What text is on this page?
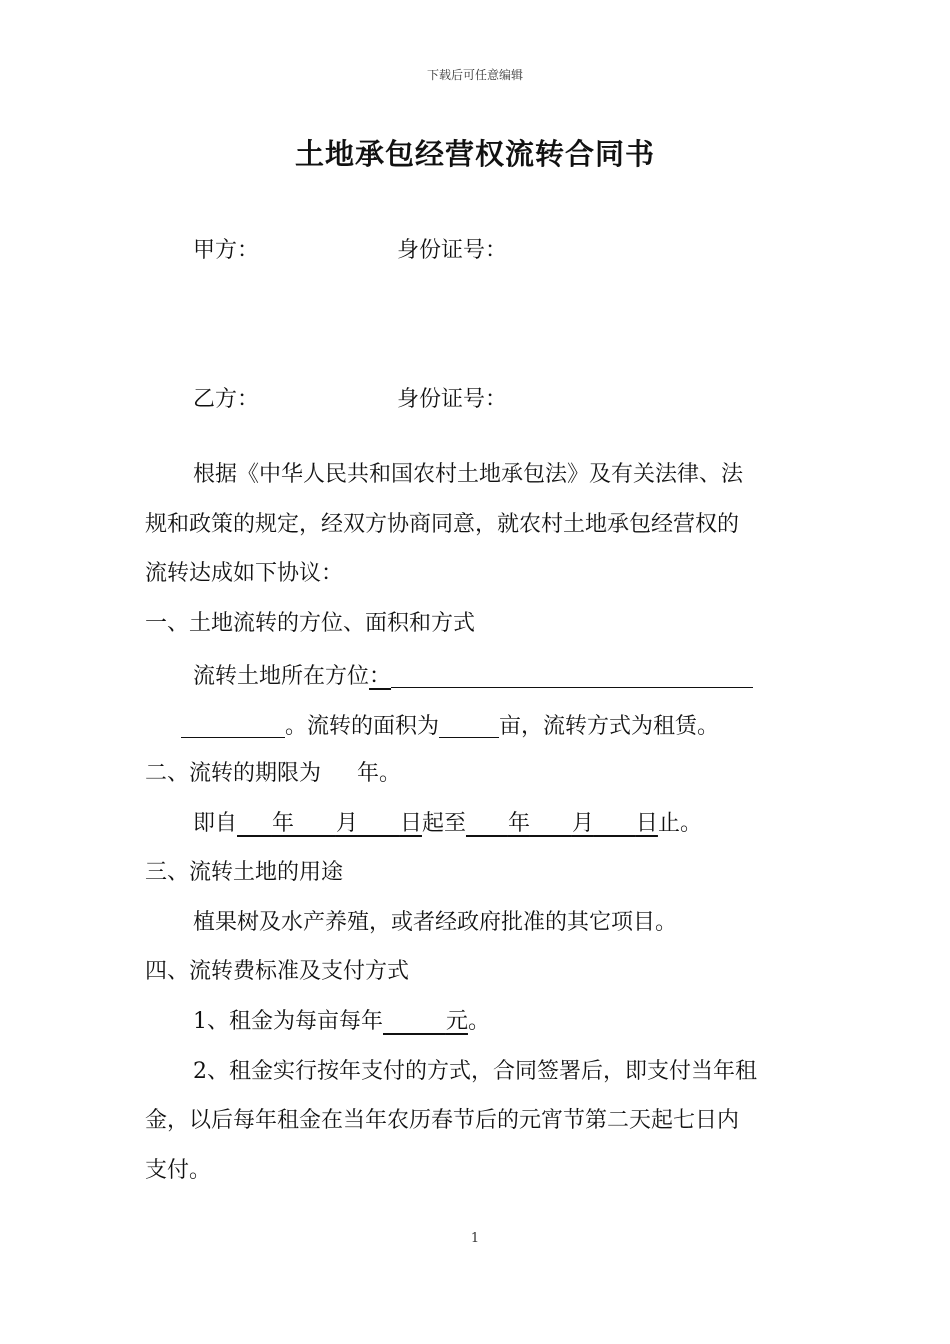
下载后可任意编辑
土地承包经营权流转合同书
甲方：	身份证号：
乙方：	身份证号：
根据《中华人民共和国农村土地承包法》及有关法律、法
规和政策的规定，经双方协商同意，就农村土地承包经营权的
流转达成如下协议：
一、土地流转的方位、面积和方式
流转土地所在方位：
。流转的面积为	亩，流转方式为租赁。
二、流转的期限为 年。
即自 年 月 日起至 年 月 日止。
三、流转土地的用途
植果树及水产养殖，或者经政府批准的其它项目。
四、流转费标准及支付方式
1、租金为每亩每年	元。
2、租金实行按年支付的方式，合同签署后，即支付当年租
金，以后每年租金在当年农历春节后的元宵节第二天起七日内
支付。
1
